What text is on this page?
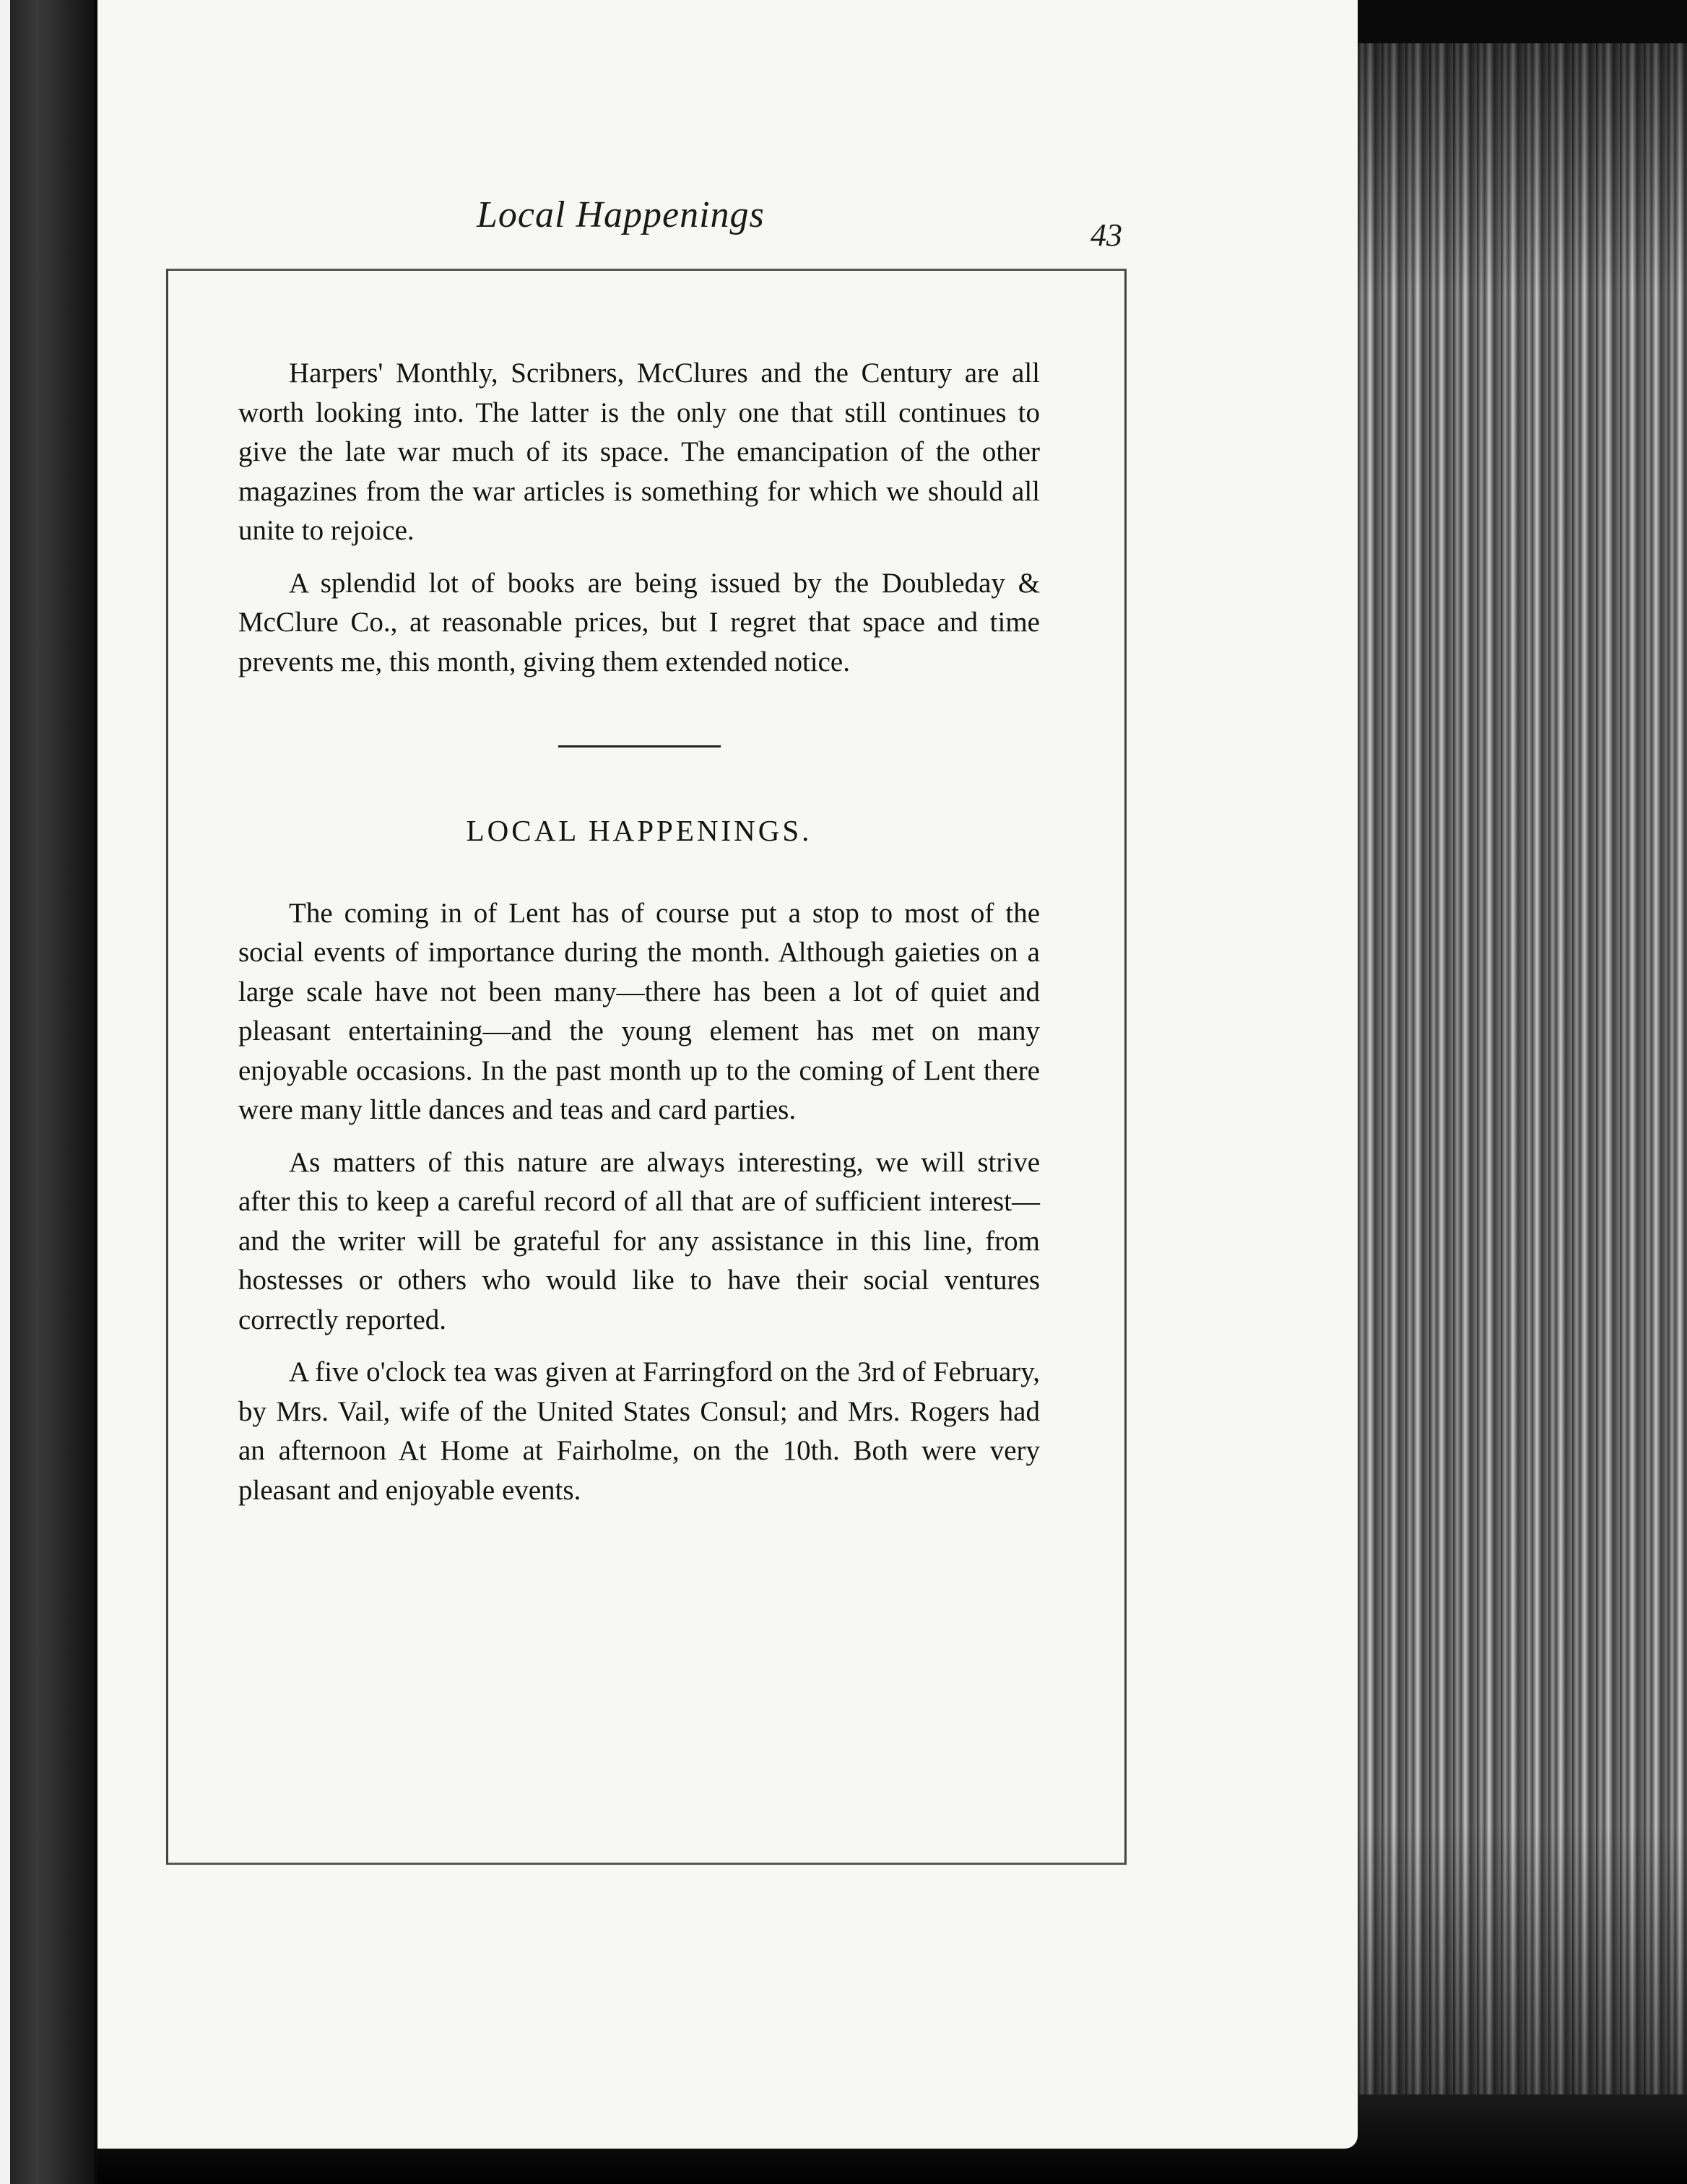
Local Happenings	43

Harpers' Monthly, Scribners, McClures and the Century are all worth looking into. The latter is the only one that still continues to give the late war much of its space. The emancipation of the other magazines from the war articles is something for which we should all unite to rejoice.

A splendid lot of books are being issued by the Doubleday & McClure Co., at reasonable prices, but I regret that space and time prevents me, this month, giving them extended notice.

LOCAL HAPPENINGS.

The coming in of Lent has of course put a stop to most of the social events of importance during the month. Although gaieties on a large scale have not been many—there has been a lot of quiet and pleasant entertaining—and the young element has met on many enjoyable occasions. In the past month up to the coming of Lent there were many little dances and teas and card parties.

As matters of this nature are always interesting, we will strive after this to keep a careful record of all that are of sufficient interest—and the writer will be grateful for any assistance in this line, from hostesses or others who would like to have their social ventures correctly reported.

A five o'clock tea was given at Farringford on the 3rd of February, by Mrs. Vail, wife of the United States Consul; and Mrs. Rogers had an afternoon At Home at Fairholme, on the 10th. Both were very pleasant and enjoyable events.
